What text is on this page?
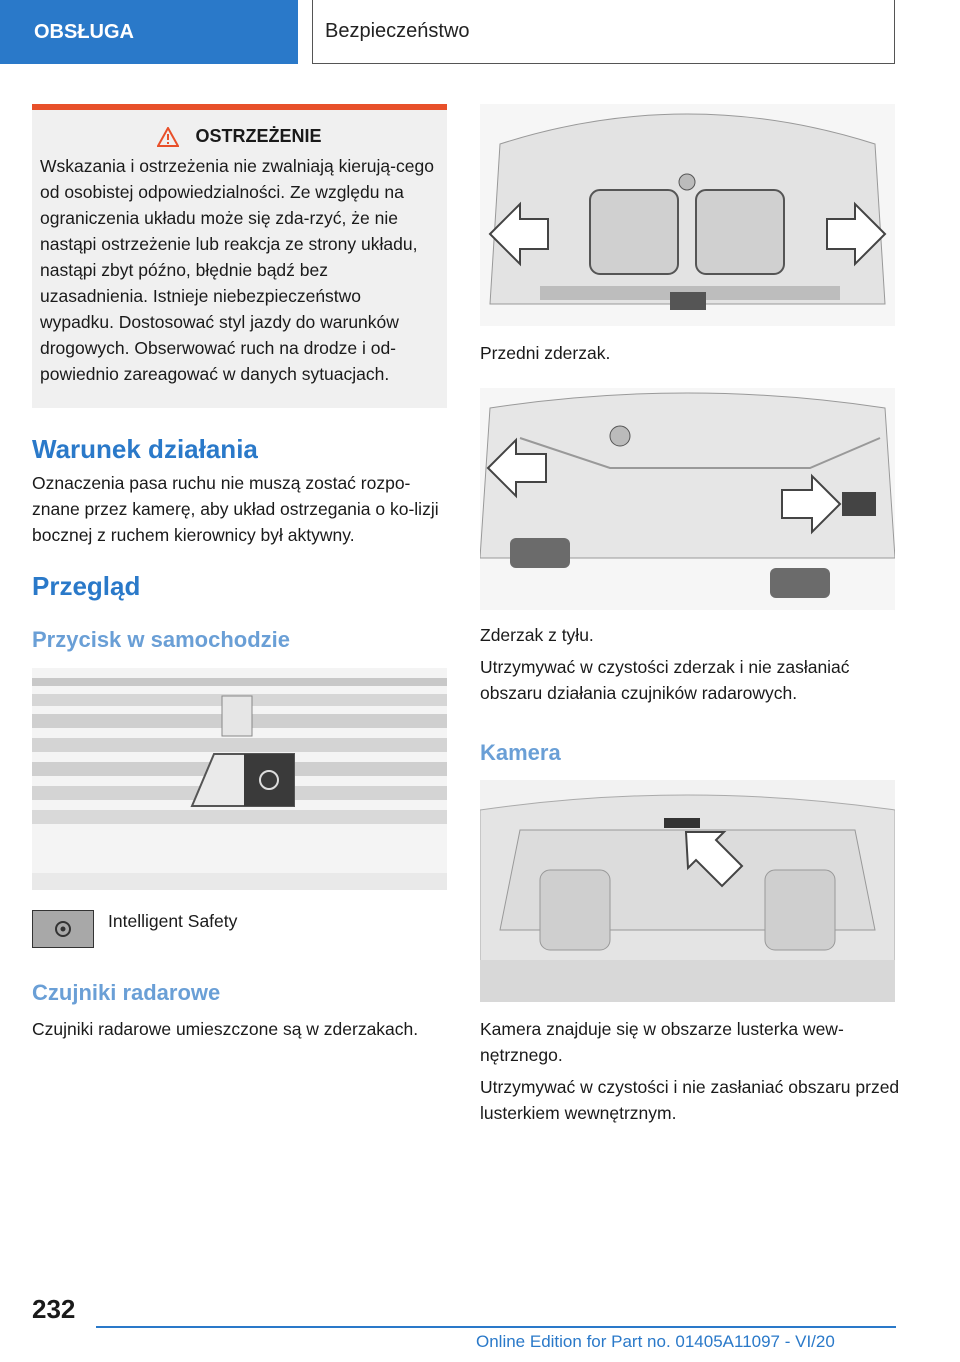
OBSŁUGA	Bezpieczeństwo
OSTRZEŻENIE

Wskazania i ostrzeżenia nie zwalniają kierują-cego od osobistej odpowiedzialności. Ze względu na ograniczenia układu może się zda-rzyć, że nie nastąpi ostrzeżenie lub reakcja ze strony układu, nastąpi zbyt późno, błędnie bądź bez uzasadnienia. Istnieje niebezpieczeństwo wypadku. Dostosować styl jazdy do warunków drogowych. Obserwować ruch na drodze i od-powiednio zareagować w danych sytuacjach.

Warunek działania

Oznaczenia pasa ruchu nie muszą zostać rozpo-znane przez kamerę, aby układ ostrzegania o ko-lizji bocznej z ruchem kierownicy był aktywny.

Przegląd
Przycisk w samochodzie

Intelligent Safety

Czujniki radarowe

Czujniki radarowe umieszczone są w zderzakach.

Przedni zderzak.

Zderzak z tyłu.

Utrzymywać w czystości zderzak i nie zasłaniać obszaru działania czujników radarowych.

Kamera

Kamera znajduje się w obszarze lusterka wew-nętrznego.

Utrzymywać w czystości i nie zasłaniać obszaru przed lusterkiem wewnętrznym.

232
Online Edition for Part no. 01405A11097 - VI/20
